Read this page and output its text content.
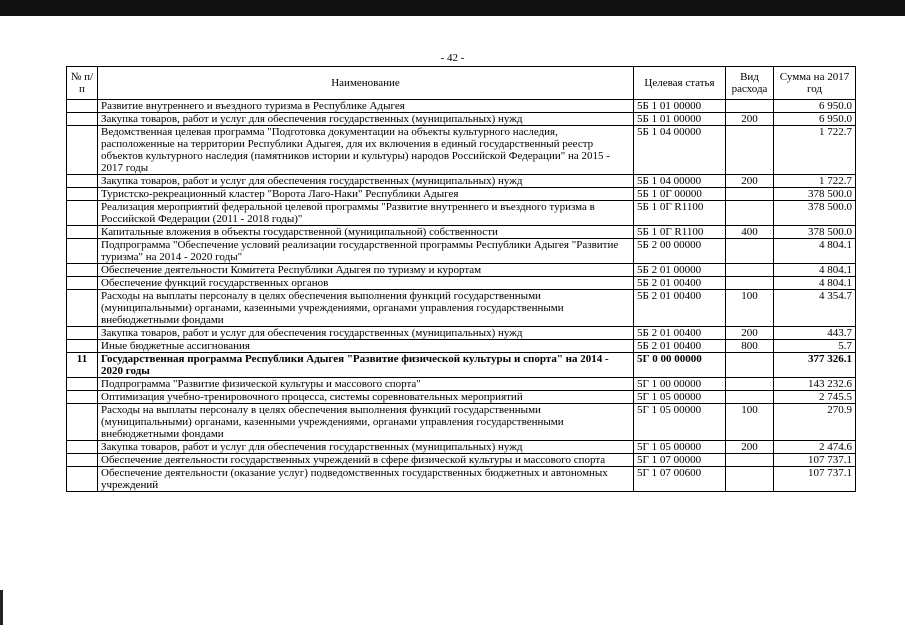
- 42 -
№ п/п	Наименование	Целевая статья	Вид расхода	Сумма на 2017 год
	Развитие внутреннего и въездного туризма в Республике Адыгея	5Б 1 01 00000		6 950.0
	Закупка товаров, работ и услуг для обеспечения государственных (муниципальных) нужд	5Б 1 01 00000	200	6 950.0
	Ведомственная целевая программа "Подготовка документации на объекты культурного наследия, расположенные на территории Республики Адыгея, для их включения в единый государственный реестр объектов культурного наследия (памятников истории и культуры) народов Российской Федерации" на 2015 - 2017 годы	5Б 1 04 00000		1 722.7
	Закупка товаров, работ и услуг для обеспечения государственных (муниципальных) нужд	5Б 1 04 00000	200	1 722.7
	Туристско-рекреационный кластер "Ворота Лаго-Наки" Республики Адыгея	5Б 1 0Г 00000		378 500.0
	Реализация мероприятий федеральной целевой программы "Развитие внутреннего и въездного туризма в Российской Федерации (2011 - 2018 годы)"	5Б 1 0Г R1100		378 500.0
	Капитальные вложения в объекты государственной (муниципальной) собственности	5Б 1 0Г R1100	400	378 500.0
	Подпрограмма "Обеспечение условий реализации государственной программы Республики Адыгея "Развитие туризма" на 2014 - 2020 годы"	5Б 2 00 00000		4 804.1
	Обеспечение деятельности Комитета Республики Адыгея по туризму и курортам	5Б 2 01 00000		4 804.1
	Обеспечение функций государственных органов	5Б 2 01 00400		4 804.1
	Расходы на выплаты персоналу в целях обеспечения выполнения функций государственными (муниципальными) органами, казенными учреждениями, органами управления государственными внебюджетными фондами	5Б 2 01 00400	100	4 354.7
	Закупка товаров, работ и услуг для обеспечения государственных (муниципальных) нужд	5Б 2 01 00400	200	443.7
	Иные бюджетные ассигнования	5Б 2 01 00400	800	5.7
11	Государственная программа Республики Адыгея "Развитие физической культуры и спорта" на 2014 - 2020 годы	5Г 0 00 00000		377 326.1
	Подпрограмма "Развитие физической культуры и массового спорта"	5Г 1 00 00000		143 232.6
	Оптимизация учебно-тренировочного процесса, системы соревновательных мероприятий	5Г 1 05 00000		2 745.5
	Расходы на выплаты персоналу в целях обеспечения выполнения функций государственными (муниципальными) органами, казенными учреждениями, органами управления государственными внебюджетными фондами	5Г 1 05 00000	100	270.9
	Закупка товаров, работ и услуг для обеспечения государственных (муниципальных) нужд	5Г 1 05 00000	200	2 474.6
	Обеспечение деятельности государственных учреждений в сфере физической культуры и массового спорта	5Г 1 07 00000		107 737.1
	Обеспечение деятельности (оказание услуг) подведомственных государственных бюджетных и автономных учреждений	5Г 1 07 00600		107 737.1
